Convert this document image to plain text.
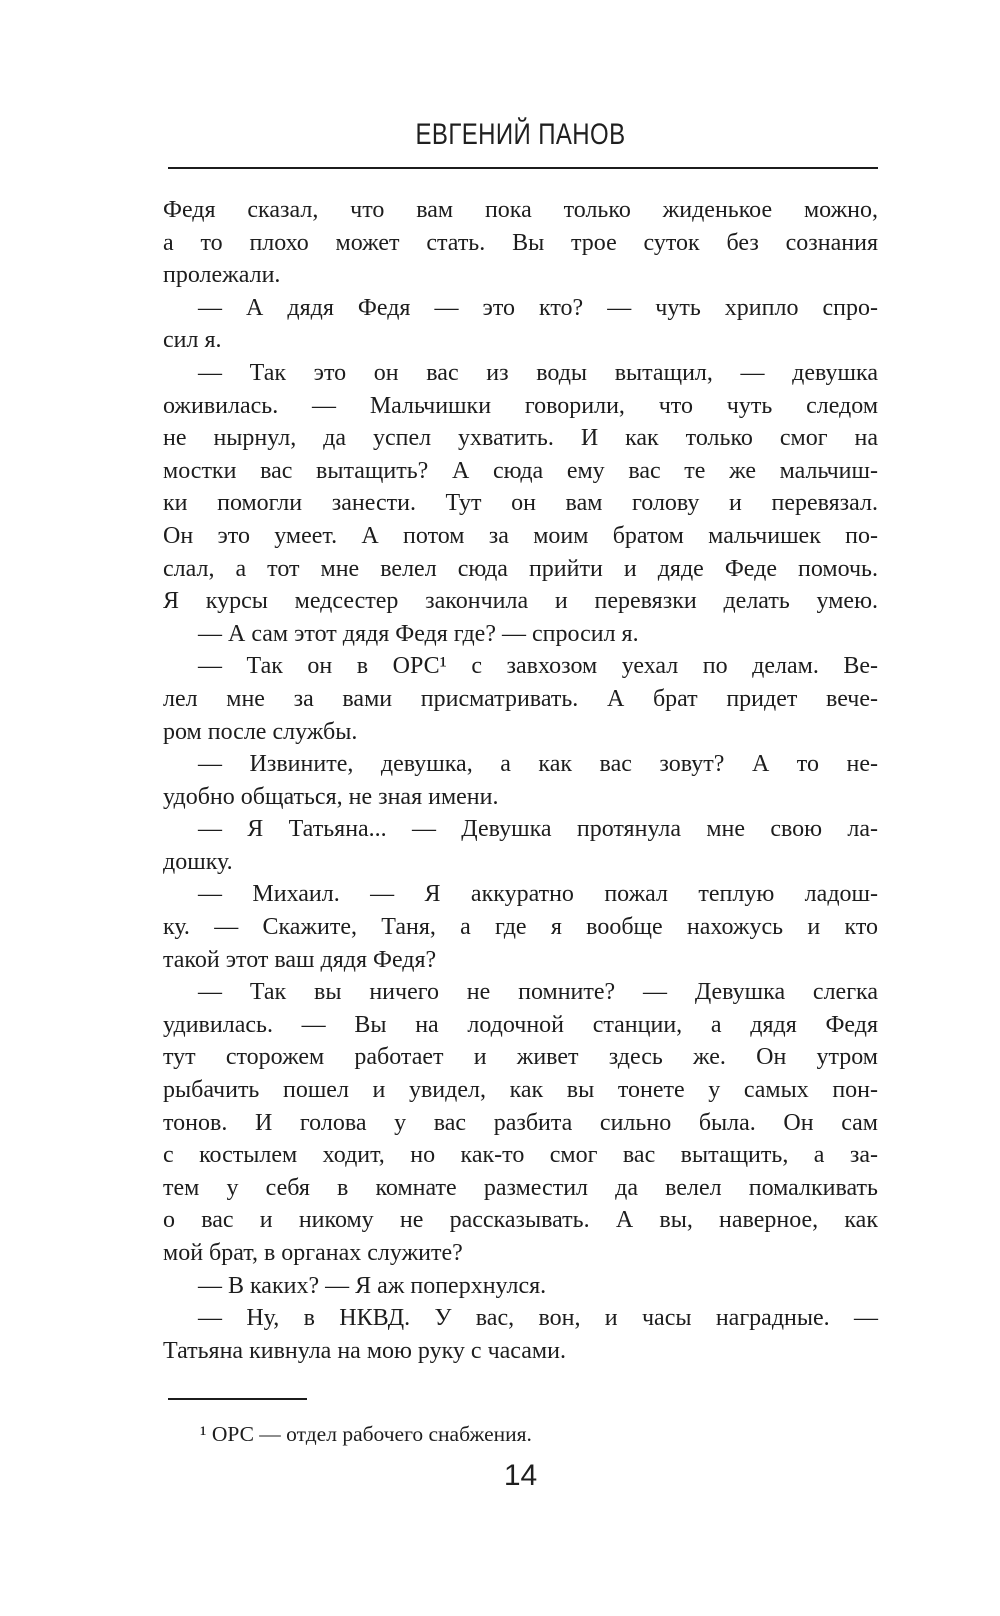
ЕВГЕНИЙ ПАНОВ
Федя сказал, что вам пока только жиденькое можно,
а то плохо может стать. Вы трое суток без сознания
пролежали.
— А дядя Федя — это кто? — чуть хрипло спро-
сил я.
— Так это он вас из воды вытащил, — девушка
оживилась. — Мальчишки говорили, что чуть следом
не нырнул, да успел ухватить. И как только смог на
мостки вас вытащить? А сюда ему вас те же мальчиш-
ки помогли занести. Тут он вам голову и перевязал.
Он это умеет. А потом за моим братом мальчишек по-
слал, а тот мне велел сюда прийти и дяде Феде помочь.
Я курсы медсестер закончила и перевязки делать умею.
— А сам этот дядя Федя где? — спросил я.
— Так он в ОРС¹ с завхозом уехал по делам. Ве-
лел мне за вами присматривать. А брат придет вече-
ром после службы.
— Извините, девушка, а как вас зовут? А то не-
удобно общаться, не зная имени.
— Я Татьяна... — Девушка протянула мне свою ла-
дошку.
— Михаил. — Я аккуратно пожал теплую ладош-
ку. — Скажите, Таня, а где я вообще нахожусь и кто
такой этот ваш дядя Федя?
— Так вы ничего не помните? — Девушка слегка
удивилась. — Вы на лодочной станции, а дядя Федя
тут сторожем работает и живет здесь же. Он утром
рыбачить пошел и увидел, как вы тонете у самых пон-
тонов. И голова у вас разбита сильно была. Он сам
с костылем ходит, но как-то смог вас вытащить, а за-
тем у себя в комнате разместил да велел помалкивать
о вас и никому не рассказывать. А вы, наверное, как
мой брат, в органах служите?
— В каких? — Я аж поперхнулся.
— Ну, в НКВД. У вас, вон, и часы наградные. —
Татьяна кивнула на мою руку с часами.
¹ ОРС — отдел рабочего снабжения.
14
